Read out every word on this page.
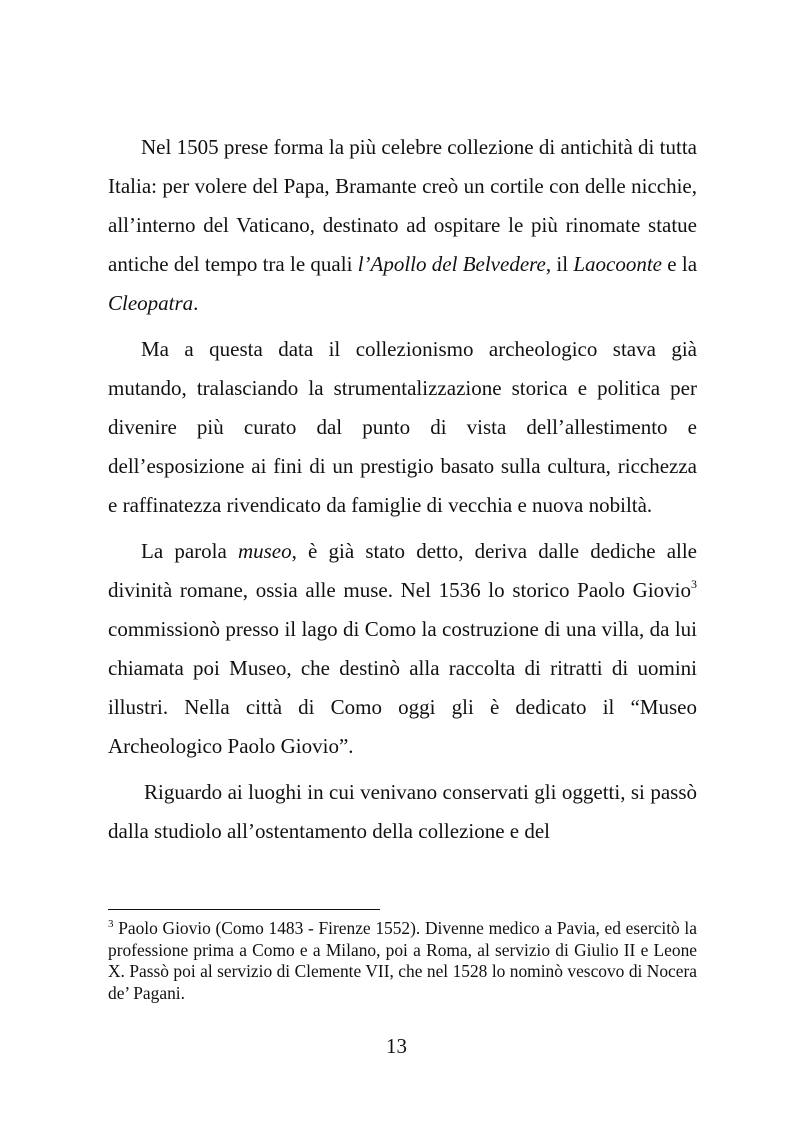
Nel 1505 prese forma la più celebre collezione di antichità di tutta Italia: per volere del Papa, Bramante creò un cortile con delle nicchie, all’interno del Vaticano, destinato ad ospitare le più rinomate statue antiche del tempo tra le quali l’Apollo del Belvedere, il Laocoonte e la Cleopatra.

Ma a questa data il collezionismo archeologico stava già mutando, tralasciando la strumentalizzazione storica e politica per divenire più curato dal punto di vista dell’allestimento e dell’esposizione ai fini di un prestigio basato sulla cultura, ricchezza e raffinatezza rivendicato da famiglie di vecchia e nuova nobiltà.

La parola museo, è già stato detto, deriva dalle dediche alle divinità romane, ossia alle muse. Nel 1536 lo storico Paolo Giovio$^3$ commissionò presso il lago di Como la costruzione di una villa, da lui chiamata poi Museo, che destinò alla raccolta di ritratti di uomini illustri. Nella città di Como oggi gli è dedicato il “Museo Archeologico Paolo Giovio”.

Riguardo ai luoghi in cui venivano conservati gli oggetti, si passò dalla studiolo all’ostentamento della collezione e del

$^3$ Paolo Giovio (Como 1483 - Firenze 1552). Divenne medico a Pavia, ed esercitò la professione prima a Como e a Milano, poi a Roma, al servizio di Giulio II e Leone X. Passò poi al servizio di Clemente VII, che nel 1528 lo nominò vescovo di Nocera de’ Pagani.

13
